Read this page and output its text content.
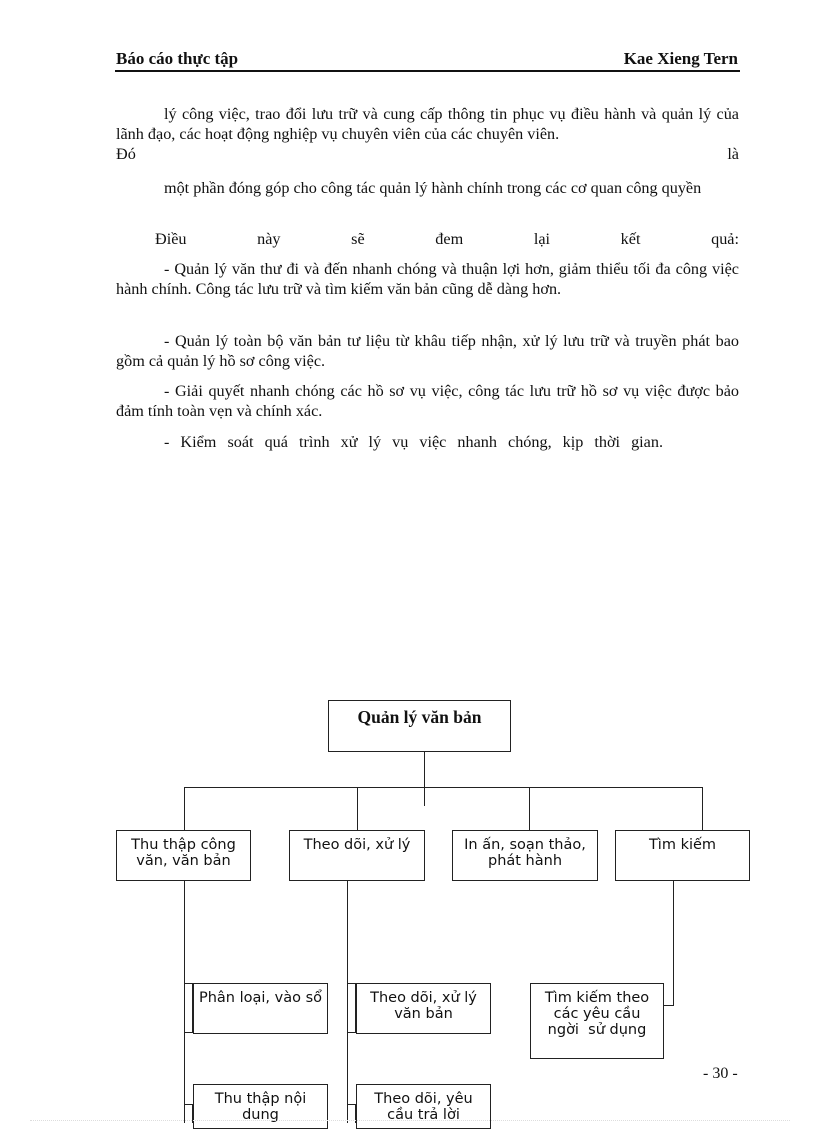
Báo cáo thực tập	Kae Xieng Tern
lý công việc, trao đổi lưu trữ và cung cấp thông tin phục vụ điều hành và quản lý của lãnh đạo, các hoạt động nghiệp vụ chuyên viên của các chuyên viên.
Đó	là
một phần đóng góp cho công tác quản lý hành chính trong các cơ quan công quyền
Điều	này	sẽ	đem	lại	kết	quả:
- Quản lý văn thư đi và đến nhanh chóng và thuận lợi hơn, giảm thiểu tối đa công việc hành chính. Công tác lưu trữ và tìm kiếm văn bản cũng dễ dàng hơn.
- Quản lý toàn bộ văn bản tư liệu từ khâu tiếp nhận, xử lý lưu trữ và truyền phát bao gồm cả quản lý hồ sơ công việc.
- Giải quyết nhanh chóng các hồ sơ vụ việc, công tác lưu trữ hồ sơ vụ việc được bảo đảm tính toàn vẹn và chính xác.
- Kiểm soát quá trình xử lý vụ việc nhanh chóng, kịp thời gian.
Quản lý văn bản
Thu thập công văn, văn bản
Theo dõi, xử lý	In ấn, soạn thảo, phát hành
Tìm kiếm
Phân loại, vào sổ
Thu thập nội dung
Theo dõi, xử lý văn bản
Theo dõi, yêu cầu trả lời
Tìm kiếm theo các yêu cầu ngời  sử dụng
- 30 -
